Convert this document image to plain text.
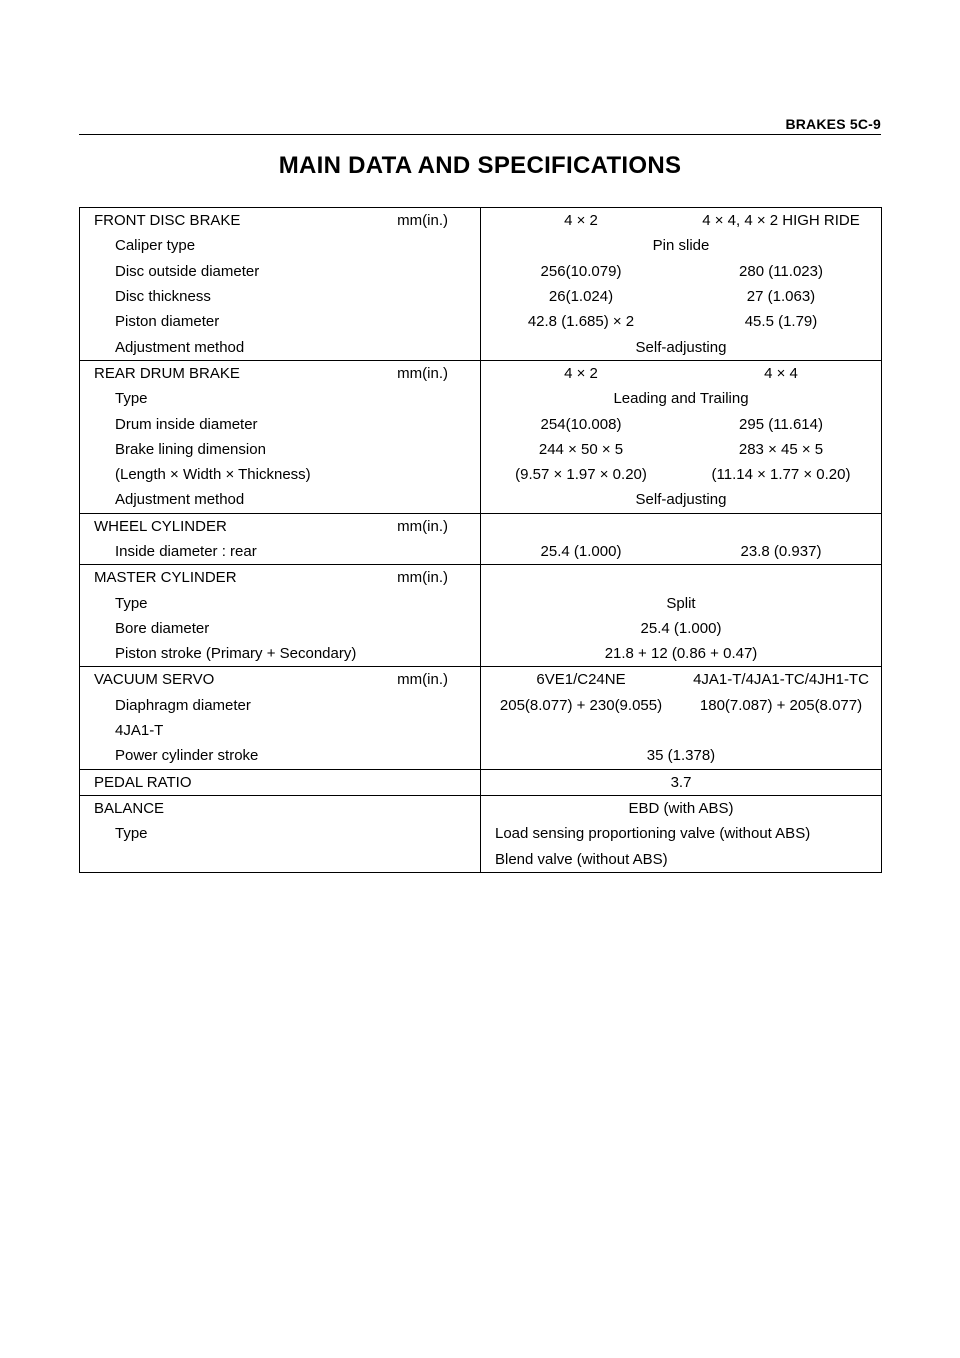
BRAKES 5C-9
MAIN DATA AND SPECIFICATIONS
FRONT DISC BRAKE	mm(in.)	4 × 2	4 × 4, 4 × 2 HIGH RIDE
Caliper type	Pin slide
Disc outside diameter	256(10.079)	280 (11.023)
Disc thickness	26(1.024)	27 (1.063)
Piston diameter	42.8 (1.685) × 2	45.5 (1.79)
Adjustment method	Self-adjusting
REAR DRUM BRAKE	mm(in.)	4 × 2	4 × 4
Type	Leading and Trailing
Drum inside diameter	254(10.008)	295 (11.614)
Brake lining dimension	244 × 50 × 5	283 × 45 × 5
(Length × Width × Thickness)	(9.57 × 1.97 × 0.20)	(11.14 × 1.77 × 0.20)
Adjustment method	Self-adjusting
WHEEL CYLINDER	mm(in.)
Inside diameter : rear	25.4 (1.000)	23.8 (0.937)
MASTER CYLINDER	mm(in.)
Type	Split
Bore diameter	25.4 (1.000)
Piston stroke (Primary + Secondary)	21.8 + 12 (0.86 + 0.47)
VACUUM SERVO	mm(in.)	6VE1/C24NE	4JA1-T/4JA1-TC/4JH1-TC
Diaphragm diameter	205(8.077) + 230(9.055)	180(7.087) + 205(8.077)
4JA1-T
Power cylinder stroke	35 (1.378)
PEDAL RATIO	3.7
BALANCE	EBD (with ABS)
Type	Load sensing proportioning valve (without ABS)
Blend valve (without ABS)
